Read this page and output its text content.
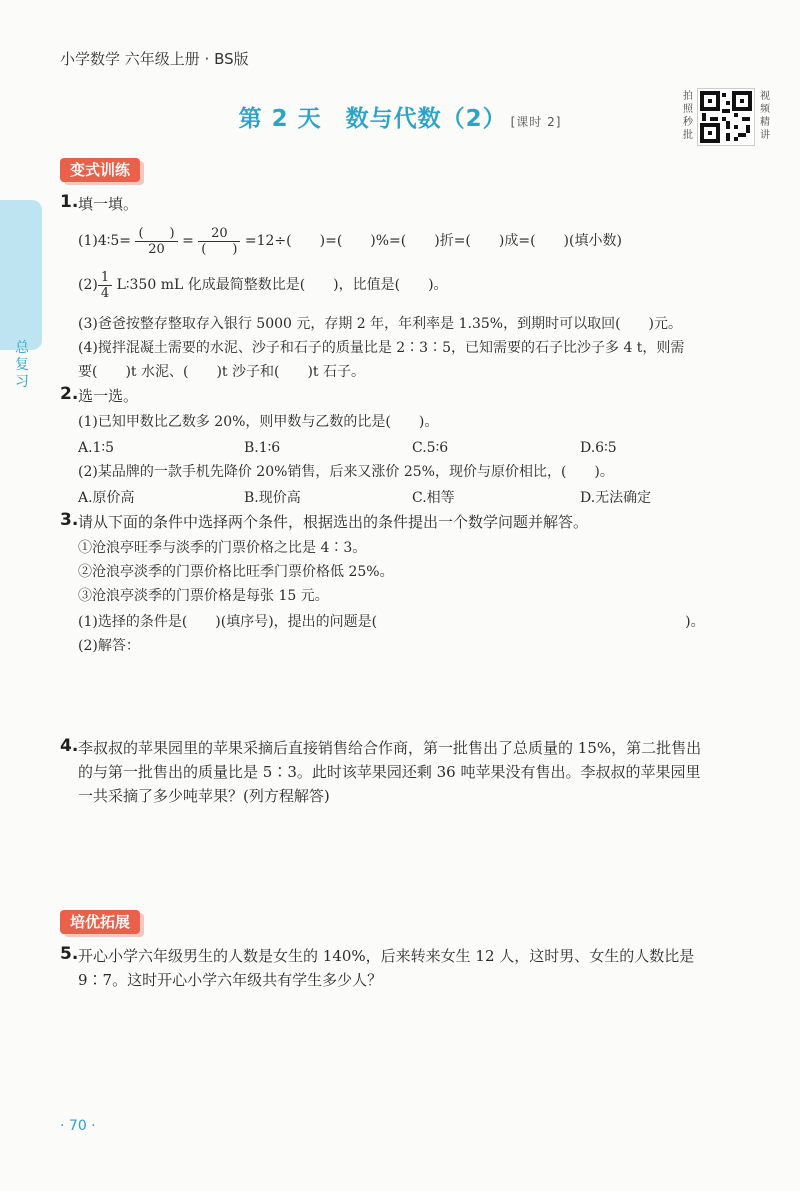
小学数学 六年级上册 · BS版
第 2 天　数与代数（2） [课时 2]
拍照秒批
视频精讲
总复习
变式训练
1. 填一填。
(1)4∶5= $\frac{( )}{20} = \frac{20}{( )} =12\div$(　　)=(　　)%=(　　)折=(　　)成=(　　)(填小数)
$(2) \frac{1}{4}$ L∶350 mL 化成最简整数比是(　　)，比值是(　　)。
(3)爸爸按整存整取存入银行 5000 元，存期 2 年，年利率是 1.35%，到期时可以取回(　　)元。
(4)搅拌混凝土需要的水泥、沙子和石子的质量比是 2∶3∶5，已知需要的石子比沙子多 4 t，则需
要(　　)t 水泥、(　　)t 沙子和(　　)t 石子。
2. 选一选。
(1)已知甲数比乙数多 20%，则甲数与乙数的比是(　　)。
A.1∶5	B.1∶6	C.5∶6	D.6∶5
(2)某品牌的一款手机先降价 20%销售，后来又涨价 25%，现价与原价相比，(　　)。
A.原价高	B.现价高	C.相等	D.无法确定
3. 请从下面的条件中选择两个条件，根据选出的条件提出一个数学问题并解答。
①沧浪亭旺季与淡季的门票价格之比是 4∶3。
②沧浪亭淡季的门票价格比旺季门票价格低 25%。
③沧浪亭淡季的门票价格是每张 15 元。
(1)选择的条件是(　　)(填序号)，提出的问题是(　　　　　　　　　　　　　　　　　　　　　　)。
(2)解答：
4. 李叔叔的苹果园里的苹果采摘后直接销售给合作商，第一批售出了总质量的 15%，第二批售出
的与第一批售出的质量比是 5∶3。此时该苹果园还剩 36 吨苹果没有售出。李叔叔的苹果园里
一共采摘了多少吨苹果？(列方程解答)
培优拓展
5. 开心小学六年级男生的人数是女生的 140%，后来转来女生 12 人，这时男、女生的人数比是
9∶7。这时开心小学六年级共有学生多少人？
· 70 ·
